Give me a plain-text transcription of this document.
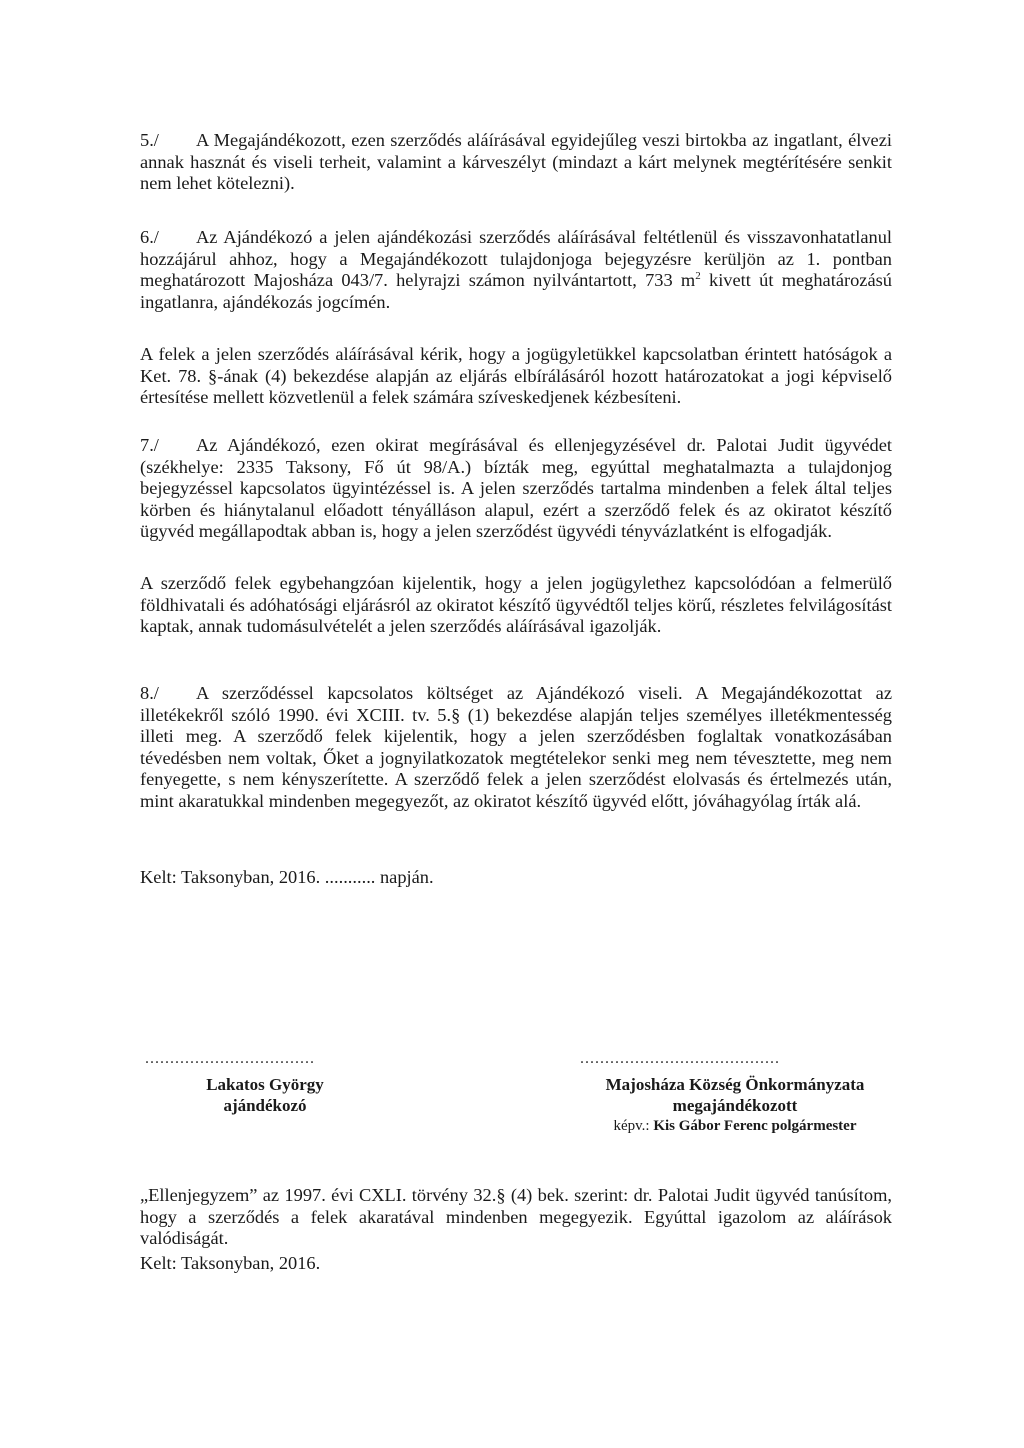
5./ A Megajándékozott, ezen szerződés aláírásával egyidejűleg veszi birtokba az ingatlant, élvezi annak hasznát és viseli terheit, valamint a kárveszélyt (mindazt a kárt melynek megtérítésére senkit nem lehet kötelezni).

6./ Az Ajándékozó a jelen ajándékozási szerződés aláírásával feltétlenül és visszavonhatatlanul hozzájárul ahhoz, hogy a Megajándékozott tulajdonjoga bejegyzésre kerüljön az 1. pontban meghatározott Majosháza 043/7. helyrajzi számon nyilvántartott, 733 $m^2$ kivett út meghatározású ingatlanra, ajándékozás jogcímén.

A felek a jelen szerződés aláírásával kérik, hogy a jogügyletükkel kapcsolatban érintett hatóságok a Ket. 78. §-ának (4) bekezdése alapján az eljárás elbírálásáról hozott határozatokat a jogi képviselő értesítése mellett közvetlenül a felek számára szíveskedjenek kézbesíteni.

7./ Az Ajándékozó, ezen okirat megírásával és ellenjegyzésével dr. Palotai Judit ügyvédet (székhelye: 2335 Taksony, Fő út 98/A.) bízták meg, egyúttal meghatalmazta a tulajdonjog bejegyzéssel kapcsolatos ügyintézéssel is. A jelen szerződés tartalma mindenben a felek által teljes körben és hiánytalanul előadott tényálláson alapul, ezért a szerződő felek és az okiratot készítő ügyvéd megállapodtak abban is, hogy a jelen szerződést ügyvédi tényvázlatként is elfogadják.

A szerződő felek egybehangzóan kijelentik, hogy a jelen jogügylethez kapcsolódóan a felmerülő földhivatali és adóhatósági eljárásról az okiratot készítő ügyvédtől teljes körű, részletes felvilágosítást kaptak, annak tudomásulvételét a jelen szerződés aláírásával igazolják.

8./ A szerződéssel kapcsolatos költséget az Ajándékozó viseli. A Megajándékozottat az illetékekről szóló 1990. évi XCIII. tv. 5.§ (1) bekezdése alapján teljes személyes illetékmentesség illeti meg. A szerződő felek kijelentik, hogy a jelen szerződésben foglaltak vonatkozásában tévedésben nem voltak, Őket a jognyilatkozatok megtételekor senki meg nem tévesztette, meg nem fenyegette, s nem kényszerítette. A szerződő felek a jelen szerződést elolvasás és értelmezés után, mint akaratukkal mindenben megegyezőt, az okiratot készítő ügyvéd előtt, jóváhagyólag írták alá.

Kelt: Taksonyban, 2016. ........... napján.

..................................
Lakatos György
ajándékozó
........................................
Majosháza Község Önkormányzata
megajándékozott
képv.: Kis Gábor Ferenc polgármester

„Ellenjegyzem” az 1997. évi CXLI. törvény 32.§ (4) bek. szerint: dr. Palotai Judit ügyvéd tanúsítom, hogy a szerződés a felek akaratával mindenben megegyezik. Egyúttal igazolom az aláírások valódiságát.

Kelt: Taksonyban, 2016.
